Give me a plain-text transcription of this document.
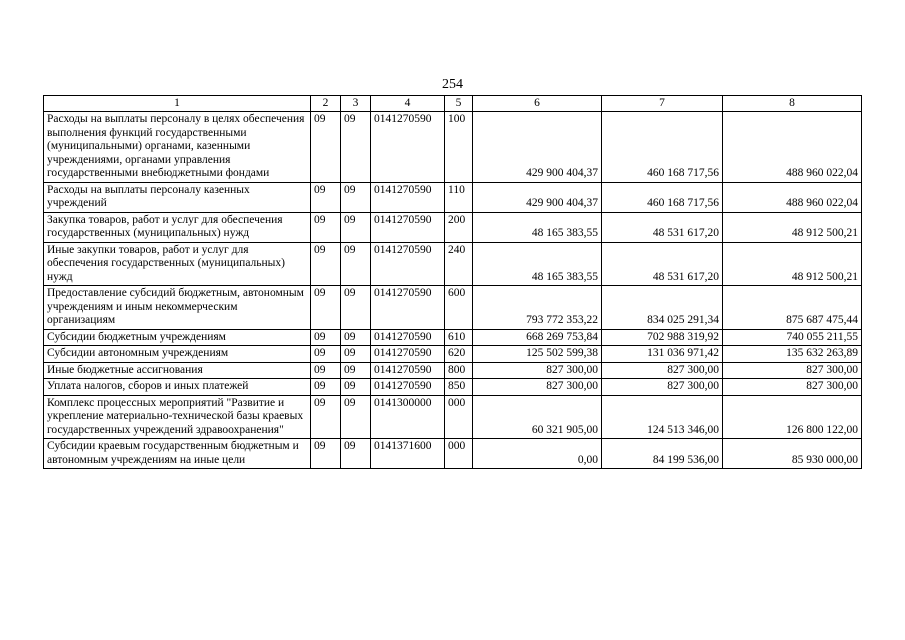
254
1	2	3	4	5	6	7	8
Расходы на выплаты персоналу в целях обеспечения выполнения функций государственными (муниципальными) органами, казенными учреждениями, органами управления государственными внебюджетными фондами	09	09	0141270590	100	429 900 404,37	460 168 717,56	488 960 022,04
Расходы на выплаты персоналу казенных учреждений	09	09	0141270590	110	429 900 404,37	460 168 717,56	488 960 022,04
Закупка товаров, работ и услуг для обеспечения государственных (муниципальных) нужд	09	09	0141270590	200	48 165 383,55	48 531 617,20	48 912 500,21
Иные закупки товаров, работ и услуг для обеспечения государственных (муниципальных) нужд	09	09	0141270590	240	48 165 383,55	48 531 617,20	48 912 500,21
Предоставление субсидий бюджетным, автономным учреждениям и иным некоммерческим организациям	09	09	0141270590	600	793 772 353,22	834 025 291,34	875 687 475,44
Субсидии бюджетным учреждениям	09	09	0141270590	610	668 269 753,84	702 988 319,92	740 055 211,55
Субсидии автономным учреждениям	09	09	0141270590	620	125 502 599,38	131 036 971,42	135 632 263,89
Иные бюджетные ассигнования	09	09	0141270590	800	827 300,00	827 300,00	827 300,00
Уплата налогов, сборов и иных платежей	09	09	0141270590	850	827 300,00	827 300,00	827 300,00
Комплекс процессных мероприятий "Развитие и укрепление материально-технической базы краевых государственных учреждений здравоохранения"	09	09	0141300000	000	60 321 905,00	124 513 346,00	126 800 122,00
Субсидии краевым государственным бюджетным и автономным учреждениям на иные цели	09	09	0141371600	000	0,00	84 199 536,00	85 930 000,00
